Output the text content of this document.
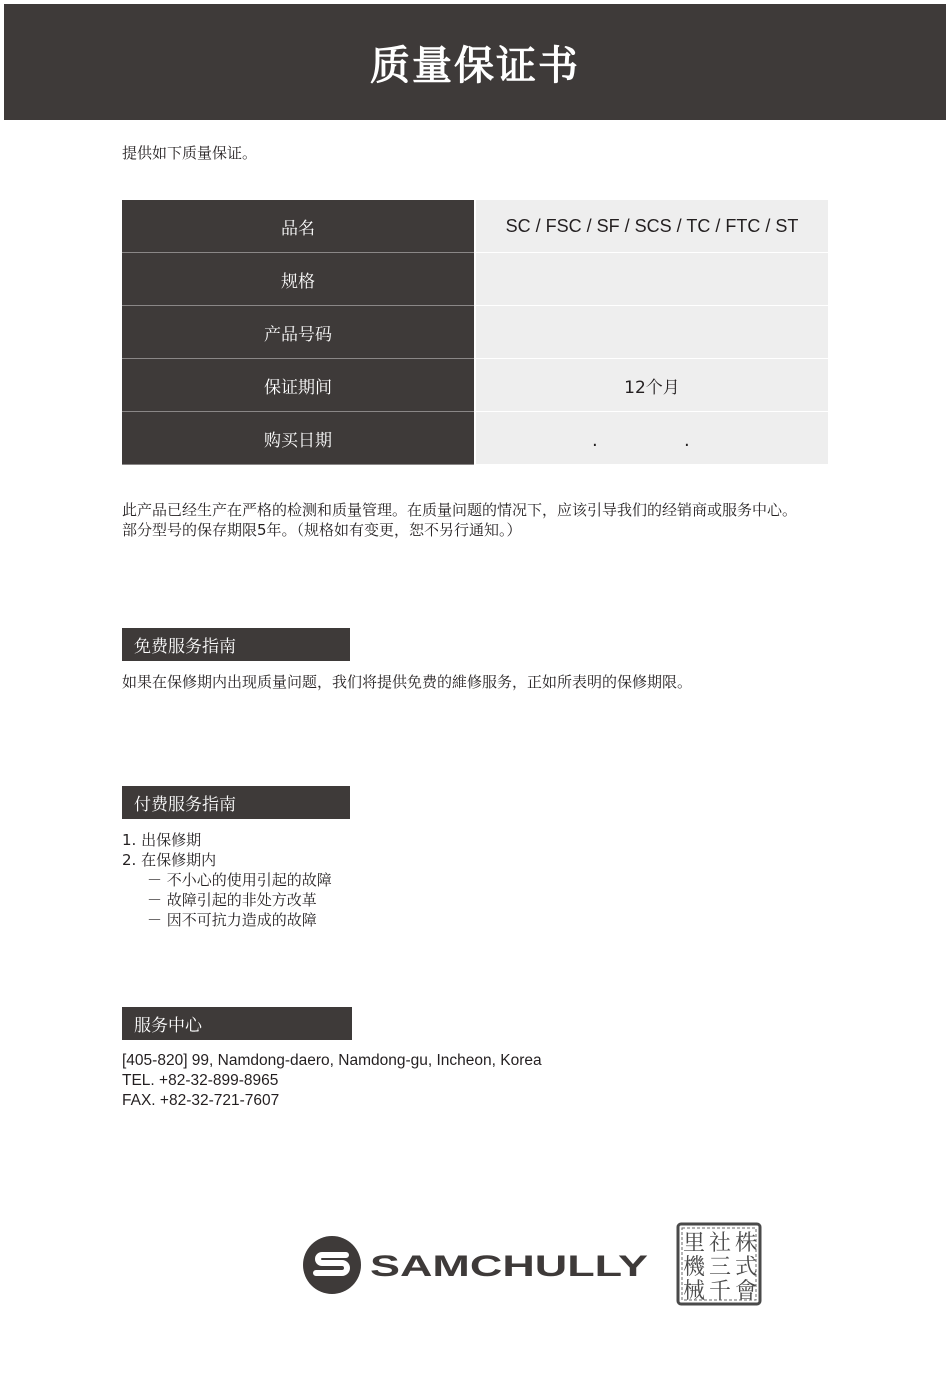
质量保证书
提供如下质量保证。
品名	SC / FSC / SF / SCS / TC / FTC / ST
规格	
产品号码	
保证期间	12个月
购买日期	. .
此产品已经生产在严格的检测和质量管理。在质量问题的情况下，应该引导我们的经销商或服务中心。
部分型号的保存期限5年。（规格如有变更，恕不另行通知。）
免费服务指南
如果在保修期内出现质量问题，我们将提供免费的維修服务，正如所表明的保修期限。
付费服务指南
1. 出保修期
2. 在保修期内
－ 不小心的使用引起的故障
－ 故障引起的非处方改革
－ 因不可抗力造成的故障
服务中心
[405-820] 99, Namdong-daero, Namdong-gu, Incheon, Korea
TEL. +82-32-899-8965
FAX. +82-32-721-7607
SAMCHULLY
株
式
會
社
三
千
里
機
械
